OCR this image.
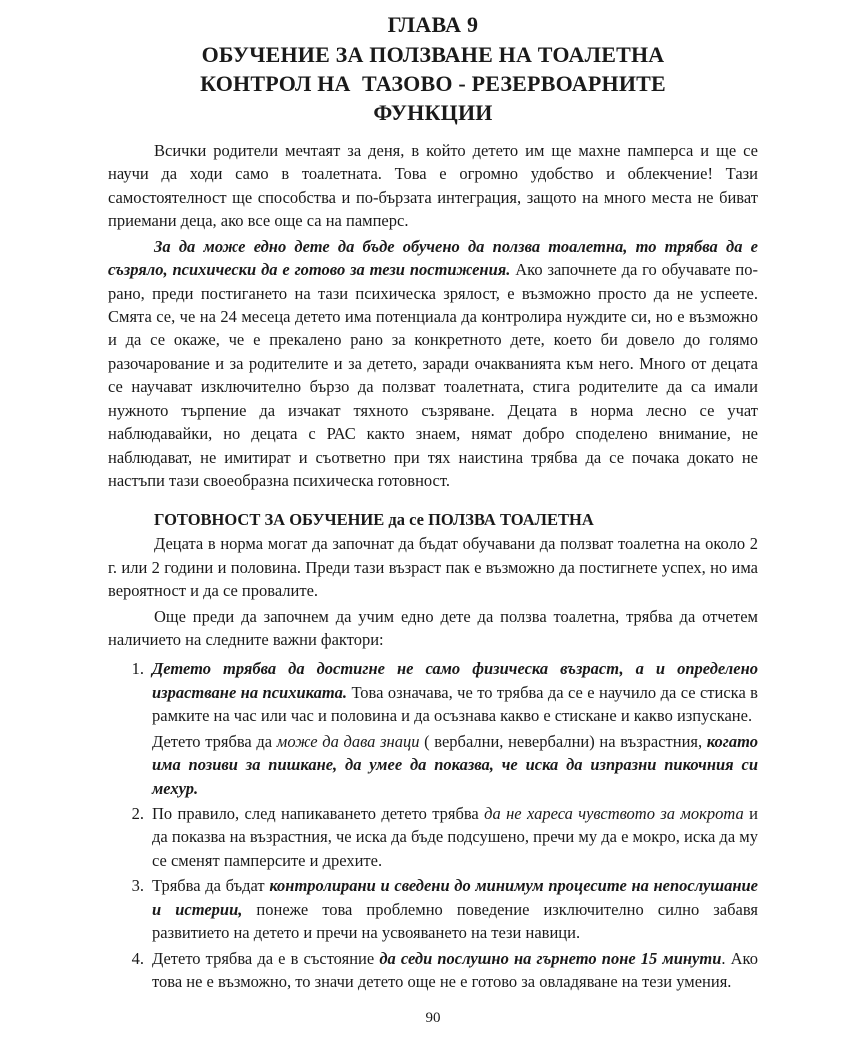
ГЛАВА 9
ОБУЧЕНИЕ ЗА ПОЛЗВАНЕ НА ТОАЛЕТНА
КОНТРОЛ НА  ТАЗОВО - РЕЗЕРВОАРНИТЕ
ФУНКЦИИ

Всички родители мечтаят за деня, в който детето им ще махне памперса и ще се научи да ходи само в тоалетната. Това е огромно удобство и облекчение! Тази самостоятелност ще способства и по-бързата интеграция, защото на много места не биват приемани деца, ако все още са на памперс.

За да може едно дете да бъде обучено да ползва тоалетна, то трябва да е съзряло, психически да е готово за тези постижения. Ако започнете да го обучавате по-рано, преди постигането на тази психическа зрялост, е възможно просто да не успеете. Смята се, че на 24 месеца детето има потенциала да контролира нуждите си, но е възможно и да се окаже, че е прекалено рано за конкретното дете, което би довело до голямо разочарование и за родителите и за детето, заради очакванията към него. Много от децата се научават изключително бързо да ползват тоалетната, стига родителите да са имали нужното търпение да изчакат тяхното съзряване. Децата в норма лесно се учат наблюдавайки, но децата с РАС както знаем, нямат добро споделено внимание, не наблюдават, не имитират и съответно при тях наистина трябва да се почака докато не настъпи тази своеобразна психическа готовност.

ГОТОВНОСТ ЗА ОБУЧЕНИЕ да се ПОЛЗВА ТОАЛЕТНА

Децата в норма могат да започнат да бъдат обучавани да ползват тоалетна на около 2 г. или 2 години и половина. Преди тази възраст пак е възможно да постигнете успех, но има вероятност и да се провалите.

Още преди да започнем да учим едно дете да ползва тоалетна, трябва да отчетем наличието на следните важни фактори:

Детето трябва да достигне не само физическа възраст, а и определено израстване на психиката. Това означава, че то трябва да се е научило да се стиска в рамките на час или час и половина и да осъзнава какво е стискане и какво изпускане.

Детето трябва да може да дава знаци ( вербални, невербални) на възрастния, когато има позиви за пишкане, да умее да показва, че иска да изпразни пикочния си мехур.

По правило, след напикаването детето трябва да не хареса чувството за мокрота и да показва на възрастния, че иска да бъде подсушено, пречи му да е мокро, иска да му се сменят памперсите и дрехите.

Трябва да бъдат контролирани и сведени до минимум процесите на непослушание и истерии, понеже това проблемно поведение изключително силно забавя развитието на детето и пречи на усвояването на тези навици.

Детето трябва да е в състояние да седи послушно на гърнето поне 15 минути. Ако това не е възможно, то значи детето още не е готово за овладяване на тези умения.

90
